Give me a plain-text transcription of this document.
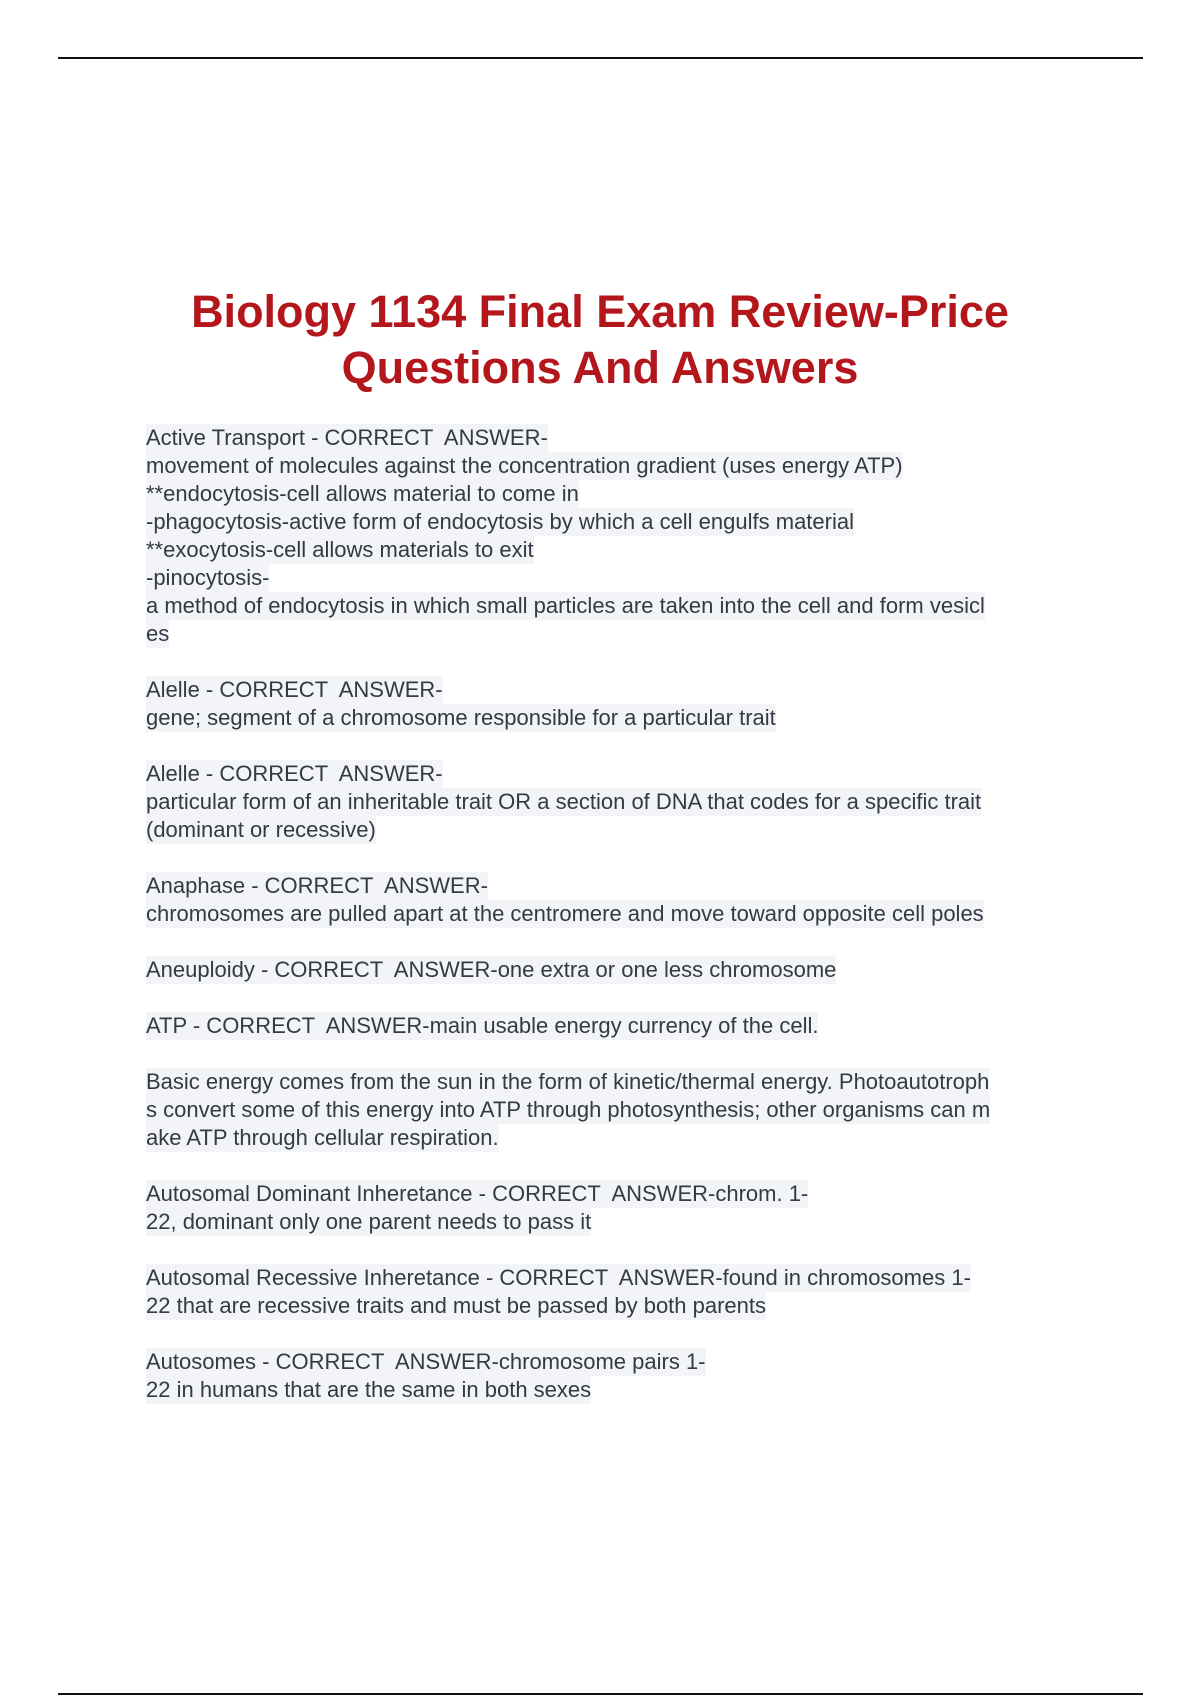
Biology 1134 Final Exam Review-Price
Questions And Answers
Active Transport - CORRECT  ANSWER-
movement of molecules against the concentration gradient (uses energy ATP)
**endocytosis-cell allows material to come in
-phagocytosis-active form of endocytosis by which a cell engulfs material
**exocytosis-cell allows materials to exit
-pinocytosis-
a method of endocytosis in which small particles are taken into the cell and form vesicl
es
Alelle - CORRECT  ANSWER-
gene; segment of a chromosome responsible for a particular trait
Alelle - CORRECT  ANSWER-
particular form of an inheritable trait OR a section of DNA that codes for a specific trait
(dominant or recessive)
Anaphase - CORRECT  ANSWER-
chromosomes are pulled apart at the centromere and move toward opposite cell poles
Aneuploidy - CORRECT  ANSWER-one extra or one less chromosome
ATP - CORRECT  ANSWER-main usable energy currency of the cell.
Basic energy comes from the sun in the form of kinetic/thermal energy. Photoautotroph
s convert some of this energy into ATP through photosynthesis; other organisms can m
ake ATP through cellular respiration.
Autosomal Dominant Inheretance - CORRECT  ANSWER-chrom. 1-
22, dominant only one parent needs to pass it
Autosomal Recessive Inheretance - CORRECT  ANSWER-found in chromosomes 1-
22 that are recessive traits and must be passed by both parents
Autosomes - CORRECT  ANSWER-chromosome pairs 1-
22 in humans that are the same in both sexes
